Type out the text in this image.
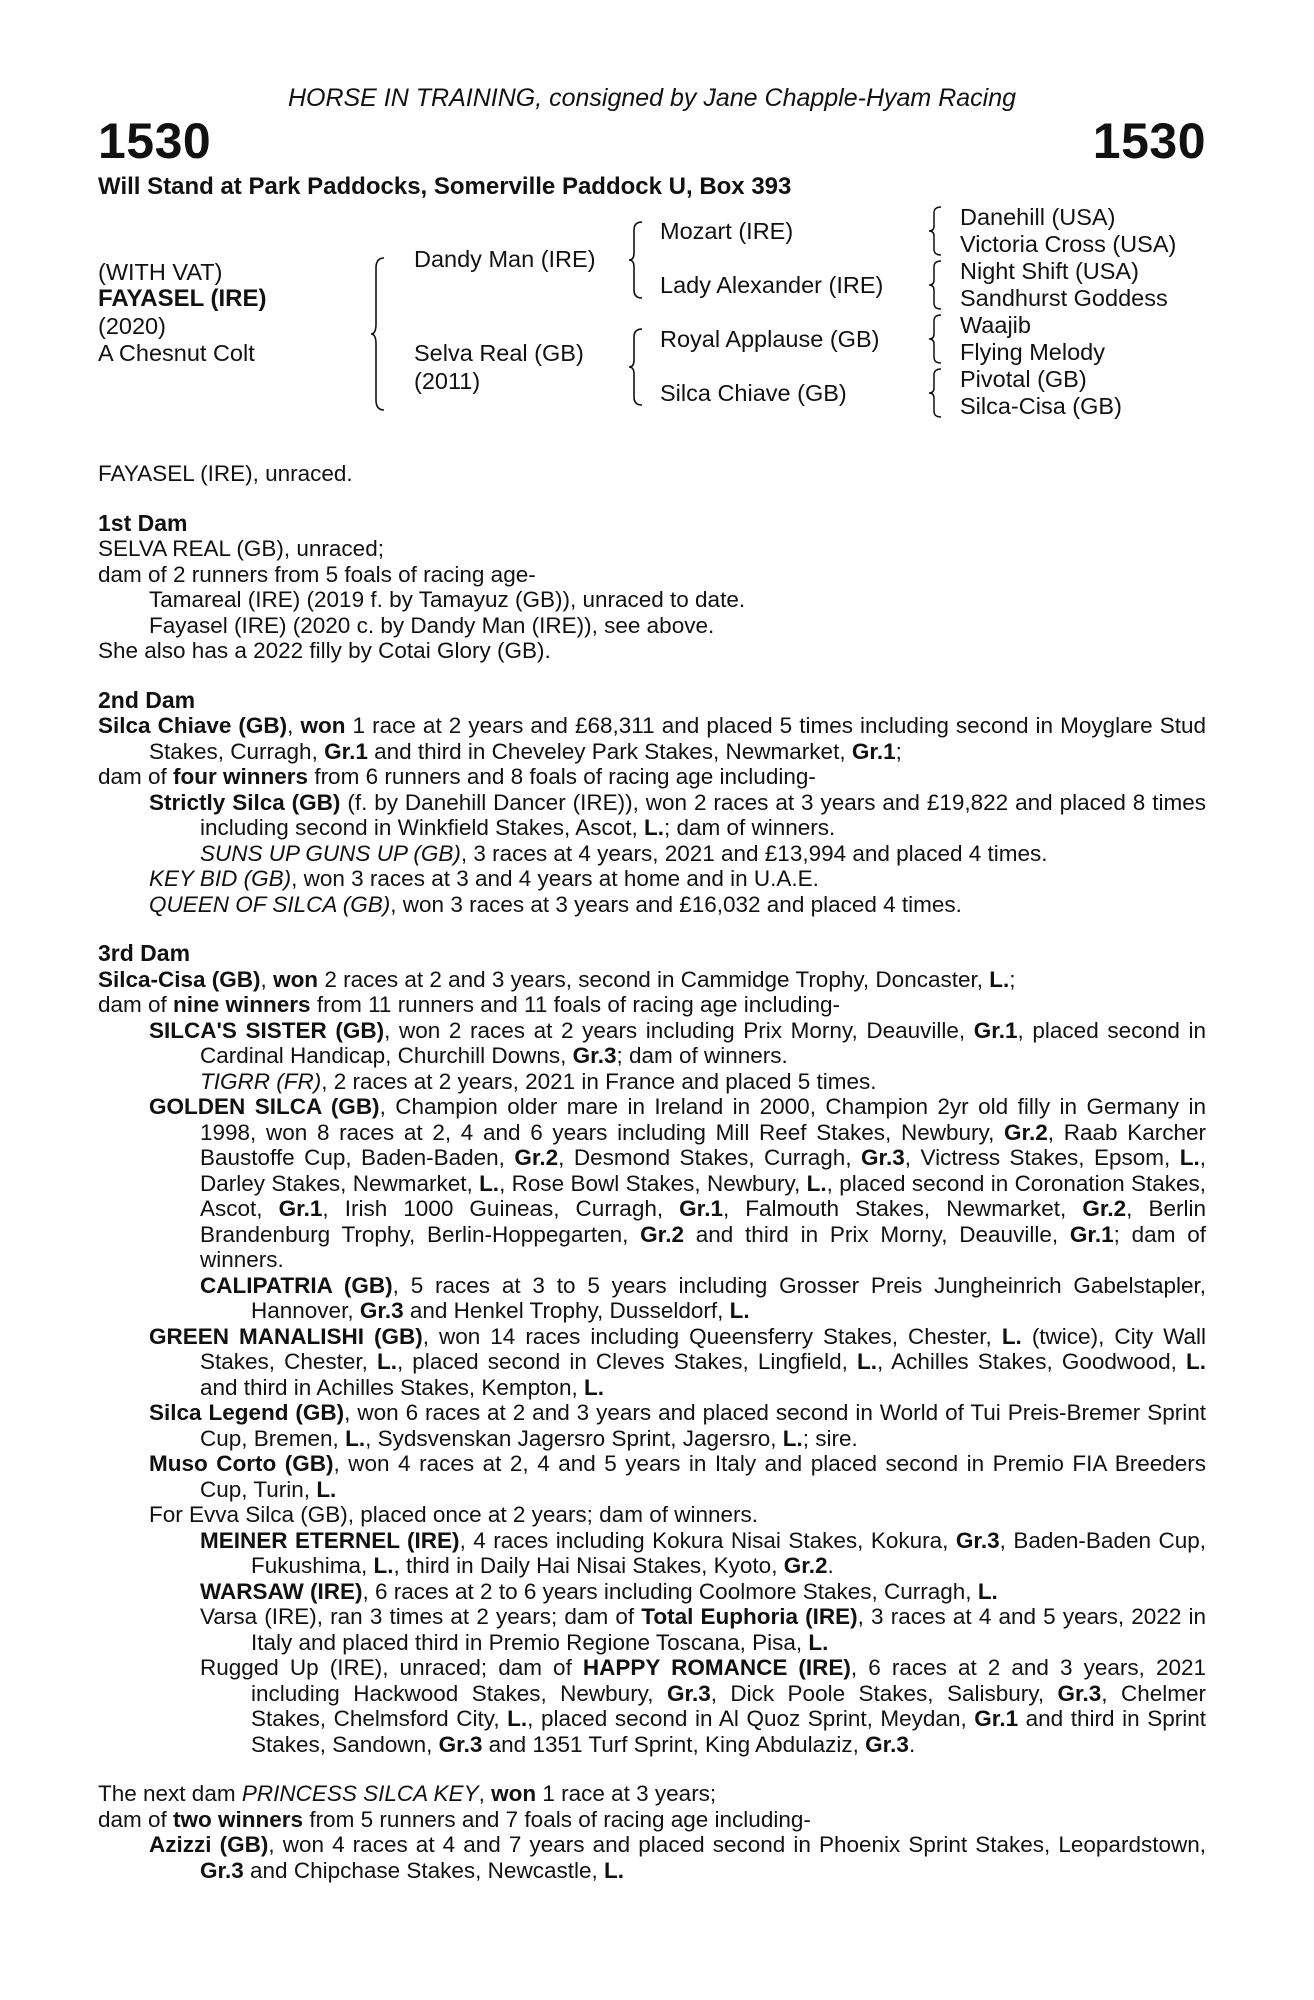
HORSE IN TRAINING, consigned by Jane Chapple-Hyam Racing
1530	1530
Will Stand at Park Paddocks, Somerville Paddock U, Box 393
(WITH VAT)
FAYASEL (IRE)
(2020)
A Chesnut Colt
Dandy Man (IRE)
Selva Real (GB)
(2011)
Mozart (IRE)
Lady Alexander (IRE)
Royal Applause (GB)
Silca Chiave (GB)
Danehill (USA)
Victoria Cross (USA)
Night Shift (USA)
Sandhurst Goddess
Waajib
Flying Melody
Pivotal (GB)
Silca-Cisa (GB)
FAYASEL (IRE), unraced.
1st Dam
SELVA REAL (GB), unraced;
dam of 2 runners from 5 foals of racing age-
Tamareal (IRE) (2019 f. by Tamayuz (GB)), unraced to date.
Fayasel (IRE) (2020 c. by Dandy Man (IRE)), see above.
She also has a 2022 filly by Cotai Glory (GB).
2nd Dam
Silca Chiave (GB), won 1 race at 2 years and £68,311 and placed 5 times including second in Moyglare Stud Stakes, Curragh, Gr.1 and third in Cheveley Park Stakes, Newmarket, Gr.1;
dam of four winners from 6 runners and 8 foals of racing age including-
Strictly Silca (GB) (f. by Danehill Dancer (IRE)), won 2 races at 3 years and £19,822 and placed 8 times including second in Winkfield Stakes, Ascot, L.; dam of winners.
SUNS UP GUNS UP (GB), 3 races at 4 years, 2021 and £13,994 and placed 4 times.
KEY BID (GB), won 3 races at 3 and 4 years at home and in U.A.E.
QUEEN OF SILCA (GB), won 3 races at 3 years and £16,032 and placed 4 times.
3rd Dam
Silca-Cisa (GB), won 2 races at 2 and 3 years, second in Cammidge Trophy, Doncaster, L.;
dam of nine winners from 11 runners and 11 foals of racing age including-
SILCA'S SISTER (GB), won 2 races at 2 years including Prix Morny, Deauville, Gr.1, placed second in Cardinal Handicap, Churchill Downs, Gr.3; dam of winners.
TIGRR (FR), 2 races at 2 years, 2021 in France and placed 5 times.
GOLDEN SILCA (GB), Champion older mare in Ireland in 2000, Champion 2yr old filly in Germany in 1998, won 8 races at 2, 4 and 6 years including Mill Reef Stakes, Newbury, Gr.2, Raab Karcher Baustoffe Cup, Baden-Baden, Gr.2, Desmond Stakes, Curragh, Gr.3, Victress Stakes, Epsom, L., Darley Stakes, Newmarket, L., Rose Bowl Stakes, Newbury, L., placed second in Coronation Stakes, Ascot, Gr.1, Irish 1000 Guineas, Curragh, Gr.1, Falmouth Stakes, Newmarket, Gr.2, Berlin Brandenburg Trophy, Berlin-Hoppegarten, Gr.2 and third in Prix Morny, Deauville, Gr.1; dam of winners.
CALIPATRIA (GB), 5 races at 3 to 5 years including Grosser Preis Jungheinrich Gabelstapler, Hannover, Gr.3 and Henkel Trophy, Dusseldorf, L.
GREEN MANALISHI (GB), won 14 races including Queensferry Stakes, Chester, L. (twice), City Wall Stakes, Chester, L., placed second in Cleves Stakes, Lingfield, L., Achilles Stakes, Goodwood, L. and third in Achilles Stakes, Kempton, L.
Silca Legend (GB), won 6 races at 2 and 3 years and placed second in World of Tui Preis-Bremer Sprint Cup, Bremen, L., Sydsvenskan Jagersro Sprint, Jagersro, L.; sire.
Muso Corto (GB), won 4 races at 2, 4 and 5 years in Italy and placed second in Premio FIA Breeders Cup, Turin, L.
For Evva Silca (GB), placed once at 2 years; dam of winners.
MEINER ETERNEL (IRE), 4 races including Kokura Nisai Stakes, Kokura, Gr.3, Baden-Baden Cup, Fukushima, L., third in Daily Hai Nisai Stakes, Kyoto, Gr.2.
WARSAW (IRE), 6 races at 2 to 6 years including Coolmore Stakes, Curragh, L.
Varsa (IRE), ran 3 times at 2 years; dam of Total Euphoria (IRE), 3 races at 4 and 5 years, 2022 in Italy and placed third in Premio Regione Toscana, Pisa, L.
Rugged Up (IRE), unraced; dam of HAPPY ROMANCE (IRE), 6 races at 2 and 3 years, 2021 including Hackwood Stakes, Newbury, Gr.3, Dick Poole Stakes, Salisbury, Gr.3, Chelmer Stakes, Chelmsford City, L., placed second in Al Quoz Sprint, Meydan, Gr.1 and third in Sprint Stakes, Sandown, Gr.3 and 1351 Turf Sprint, King Abdulaziz, Gr.3.
The next dam PRINCESS SILCA KEY, won 1 race at 3 years;
dam of two winners from 5 runners and 7 foals of racing age including-
Azizzi (GB), won 4 races at 4 and 7 years and placed second in Phoenix Sprint Stakes, Leopardstown, Gr.3 and Chipchase Stakes, Newcastle, L.
